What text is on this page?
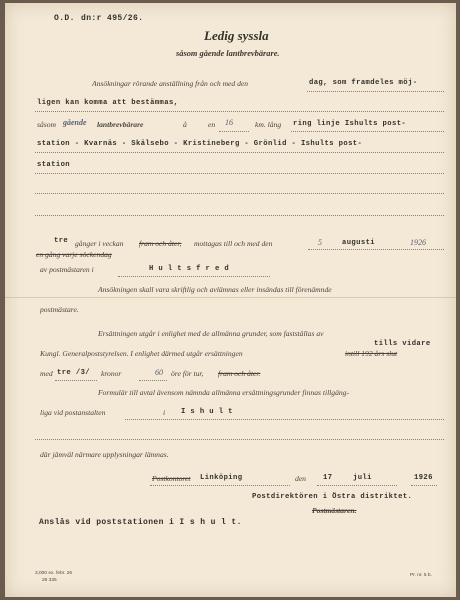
O.D. dn:r 495/26.
Ledig syssla
såsom gående lantbrevbärare.
Ansökningar rörande anställning från och med den	dag, som framdeles möj-
ligen kan komma att bestämmas,
såsom gående lantbrevbärare	å	en 16	km. lång ring linje Ishults post-
station - Kvarnäs - Skälsebo - Kristineberg - Grönlid - Ishults post-
station
tre gånger i veckan fram och åter, mottagas till och med den	5	augusti	1926
en gång varje söckendag
av postmästaren i	H u l t s f r e d
Ansökningen skall vara skriftlig och avlämnas eller insändas till förenämnde
postmästare.
Ersättningen utgår i enlighet med de allmänna grunder, som fastställas av
Kungl. Generalpoststyrelsen. I enlighet därmed utgår ersättningen
tills vidare
intill 192 års slut
med tre /3/ kronor	60 öre för tur, fram och åter.
Formulär till avtal ävensom nämnda allmänna ersättningsgrunder finnas tillgäng-
liga vid postanstalten	i I s h u l t
där jämväl närmare upplysningar lämnas.
Postkontoret Linköping	den 17	juli	1926
Postdirektören i Östra distriktet.
Postmästaren.
Anslås vid poststationen i I s h u l t.
3,000 ex. febr. 26
26 335
Pr. nr. 5 b.
